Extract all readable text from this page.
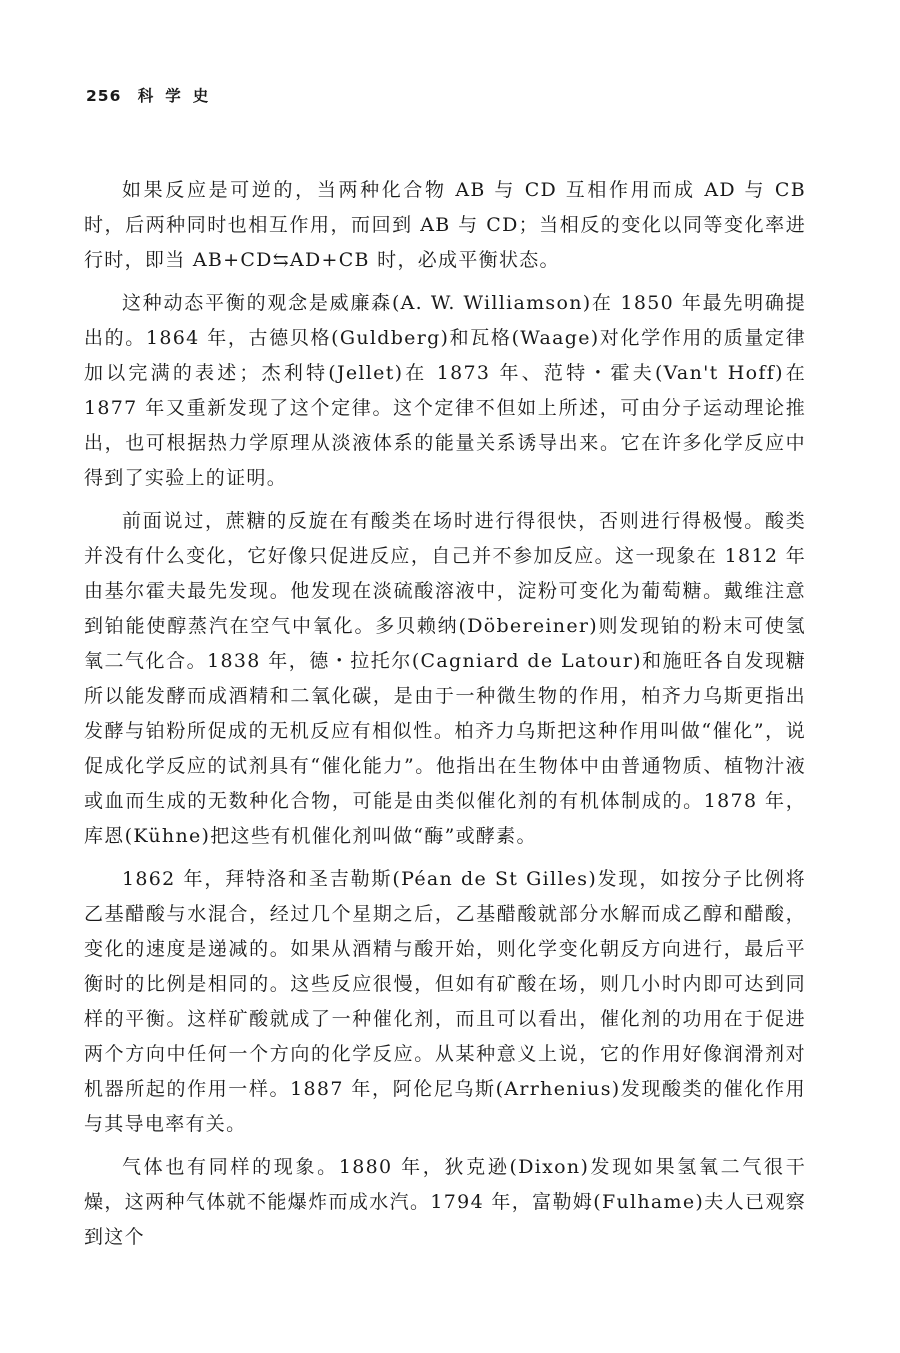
256 科学史

如果反应是可逆的，当两种化合物 AB 与 CD 互相作用而成 AD 与 CB 时，后两种同时也相互作用，而回到 AB 与 CD；当相反的变化以同等变化率进行时，即当 AB+CD⇆AD+CB 时，必成平衡状态。

这种动态平衡的观念是威廉森(A. W. Williamson)在 1850 年最先明确提出的。1864 年，古德贝格(Guldberg)和瓦格(Waage)对化学作用的质量定律加以完满的表述；杰利特(Jellet)在 1873 年、范特・霍夫(Van't Hoff)在 1877 年又重新发现了这个定律。这个定律不但如上所述，可由分子运动理论推出，也可根据热力学原理从淡液体系的能量关系诱导出来。它在许多化学反应中得到了实验上的证明。

前面说过，蔗糖的反旋在有酸类在场时进行得很快，否则进行得极慢。酸类并没有什么变化，它好像只促进反应，自己并不参加反应。这一现象在 1812 年由基尔霍夫最先发现。他发现在淡硫酸溶液中，淀粉可变化为葡萄糖。戴维注意到铂能使醇蒸汽在空气中氧化。多贝赖纳(Döbereiner)则发现铂的粉末可使氢氧二气化合。1838 年，德・拉托尔(Cagniard de Latour)和施旺各自发现糖所以能发酵而成酒精和二氧化碳，是由于一种微生物的作用，柏齐力乌斯更指出发酵与铂粉所促成的无机反应有相似性。柏齐力乌斯把这种作用叫做“催化”，说促成化学反应的试剂具有“催化能力”。他指出在生物体中由普通物质、植物汁液或血而生成的无数种化合物，可能是由类似催化剂的有机体制成的。1878 年，库恩(Kühne)把这些有机催化剂叫做“酶”或酵素。

1862 年，拜特洛和圣吉勒斯(Péan de St Gilles)发现，如按分子比例将乙基醋酸与水混合，经过几个星期之后，乙基醋酸就部分水解而成乙醇和醋酸，变化的速度是递减的。如果从酒精与酸开始，则化学变化朝反方向进行，最后平衡时的比例是相同的。这些反应很慢，但如有矿酸在场，则几小时内即可达到同样的平衡。这样矿酸就成了一种催化剂，而且可以看出，催化剂的功用在于促进两个方向中任何一个方向的化学反应。从某种意义上说，它的作用好像润滑剂对机器所起的作用一样。1887 年，阿伦尼乌斯(Arrhenius)发现酸类的催化作用与其导电率有关。

气体也有同样的现象。1880 年，狄克逊(Dixon)发现如果氢氧二气很干燥，这两种气体就不能爆炸而成水汽。1794 年，富勒姆(Fulhame)夫人已观察到这个
